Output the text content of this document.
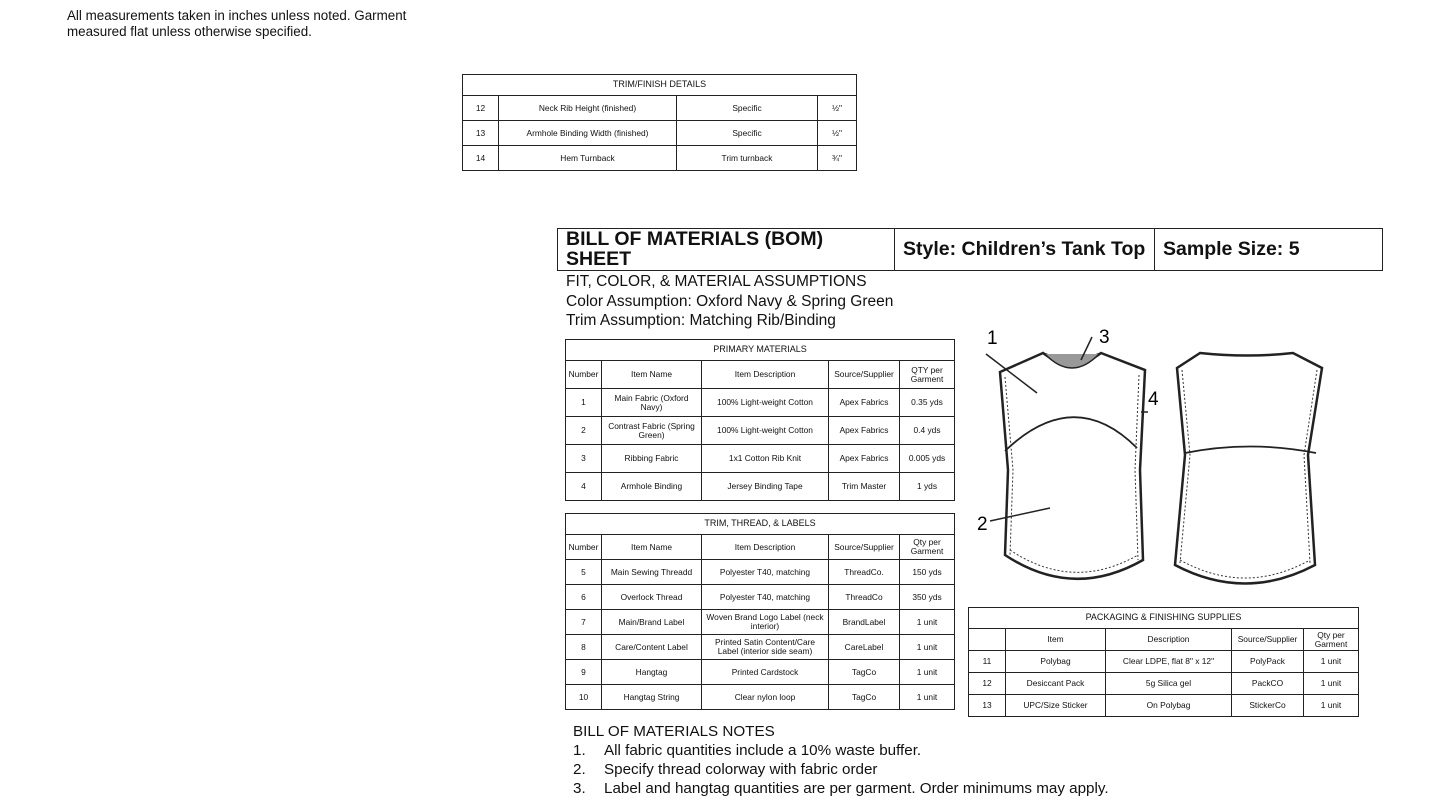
All measurements taken in inches unless noted. Garment measured flat unless otherwise specified.
TRIM/FINISH DETAILS			
12	Neck Rib Height (finished)	Specific	½"
13	Armhole Binding Width (finished)	Specific	½"
14	Hem Turnback	Trim turnback	¾"
BILL OF MATERIALS (BOM) SHEET	Style: Children’s Tank Top	Sample Size: 5
FIT, COLOR, & MATERIAL ASSUMPTIONS
Color Assumption: Oxford Navy & Spring Green
Trim Assumption: Matching Rib/Binding
PRIMARY MATERIALS				
Number	Item Name	Item Description	Source/Supplier	QTY per Garment
1	Main Fabric (Oxford Navy)	100% Light-weight Cotton	Apex Fabrics	0.35 yds
2	Contrast Fabric (Spring Green)	100% Light-weight Cotton	Apex Fabrics	0.4 yds
3	Ribbing Fabric	1x1 Cotton Rib Knit	Apex Fabrics	0.005 yds
4	Armhole Binding	Jersey Binding Tape	Trim Master	1 yds
TRIM, THREAD, & LABELS				
Number	Item Name	Item Description	Source/Supplier	Qty per Garment
5	Main Sewing Threadd	Polyester T40, matching	ThreadCo.	150 yds
6	Overlock Thread	Polyester T40, matching	ThreadCo	350 yds
7	Main/Brand Label	Woven Brand Logo Label (neck interior)	BrandLabel	1 unit
8	Care/Content Label	Printed Satin Content/Care Label (interior side seam)	CareLabel	1 unit
9	Hangtag	Printed Cardstock	TagCo	1 unit
10	Hangtag String	Clear nylon loop	TagCo	1 unit
1
2
3
4
PACKAGING & FINISHING SUPPLIES				
	Item	Description	Source/Supplier	Qty per Garment
11	Polybag	Clear LDPE, flat 8" x 12"	PolyPack	1 unit
12	Desiccant Pack	5g Silica gel	PackCO	1 unit
13	UPC/Size Sticker	On Polybag	StickerCo	1 unit
BILL OF MATERIALS NOTES
1.	All fabric quantities include a 10% waste buffer.
2.	Specify thread colorway with fabric order
3.	Label and hangtag quantities are per garment. Order minimums may apply.
